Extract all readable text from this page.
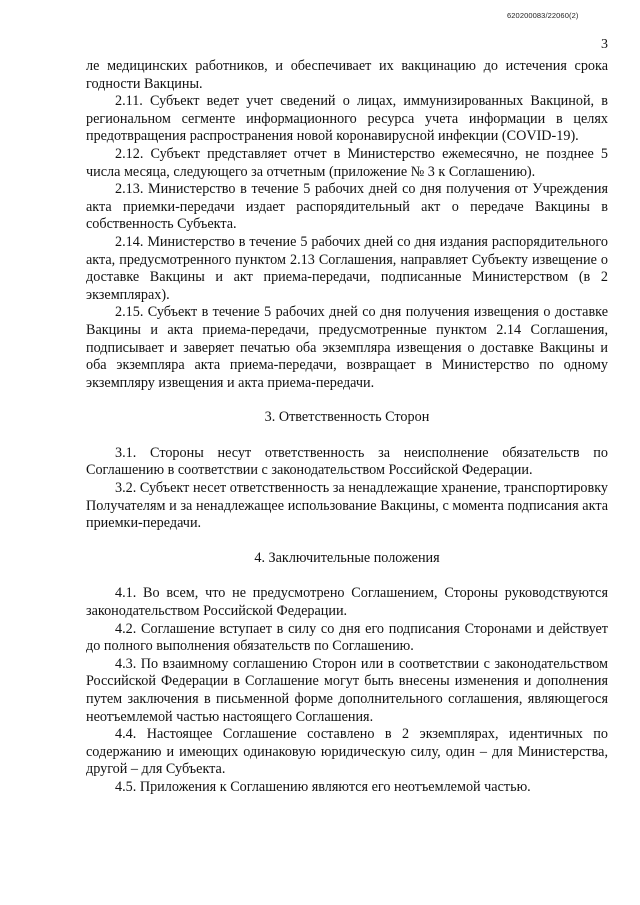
620200083/22060(2)
3

ле медицинских работников, и обеспечивает их вакцинацию до истечения срока годности Вакцины.

2.11. Субъект ведет учет сведений о лицах, иммунизированных Вакциной, в региональном сегменте информационного ресурса учета информации в целях предотвращения распространения новой коронавирусной инфекции (COVID-19).

2.12. Субъект представляет отчет в Министерство ежемесячно, не позднее 5 числа месяца, следующего за отчетным (приложение № 3 к Соглашению).

2.13. Министерство в течение 5 рабочих дней со дня получения от Учреждения акта приемки-передачи издает распорядительный акт о передаче Вакцины в собственность Субъекта.

2.14. Министерство в течение 5 рабочих дней со дня издания распорядительного акта, предусмотренного пунктом 2.13 Соглашения, направляет Субъекту извещение о доставке Вакцины и акт приема-передачи, подписанные Министерством (в 2 экземплярах).

2.15. Субъект в течение 5 рабочих дней со дня получения извещения о доставке Вакцины и акта приема-передачи, предусмотренные пунктом 2.14 Соглашения, подписывает и заверяет печатью оба экземпляра извещения о доставке Вакцины и оба экземпляра акта приема-передачи, возвращает в Министерство по одному экземпляру извещения и акта приема-передачи.

3. Ответственность Сторон

3.1. Стороны несут ответственность за неисполнение обязательств по Соглашению в соответствии с законодательством Российской Федерации.

3.2. Субъект несет ответственность за ненадлежащие хранение, транспортировку Получателям и за ненадлежащее использование Вакцины, с момента подписания акта приемки-передачи.

4. Заключительные положения

4.1. Во всем, что не предусмотрено Соглашением, Стороны руководствуются законодательством Российской Федерации.

4.2. Соглашение вступает в силу со дня его подписания Сторонами и действует до полного выполнения обязательств по Соглашению.

4.3. По взаимному соглашению Сторон или в соответствии с законодательством Российской Федерации в Соглашение могут быть внесены изменения и дополнения путем заключения в письменной форме дополнительного соглашения, являющегося неотъемлемой частью настоящего Соглашения.

4.4. Настоящее Соглашение составлено в 2 экземплярах, идентичных по содержанию и имеющих одинаковую юридическую силу, один – для Министерства, другой – для Субъекта.

4.5. Приложения к Соглашению являются его неотъемлемой частью.
